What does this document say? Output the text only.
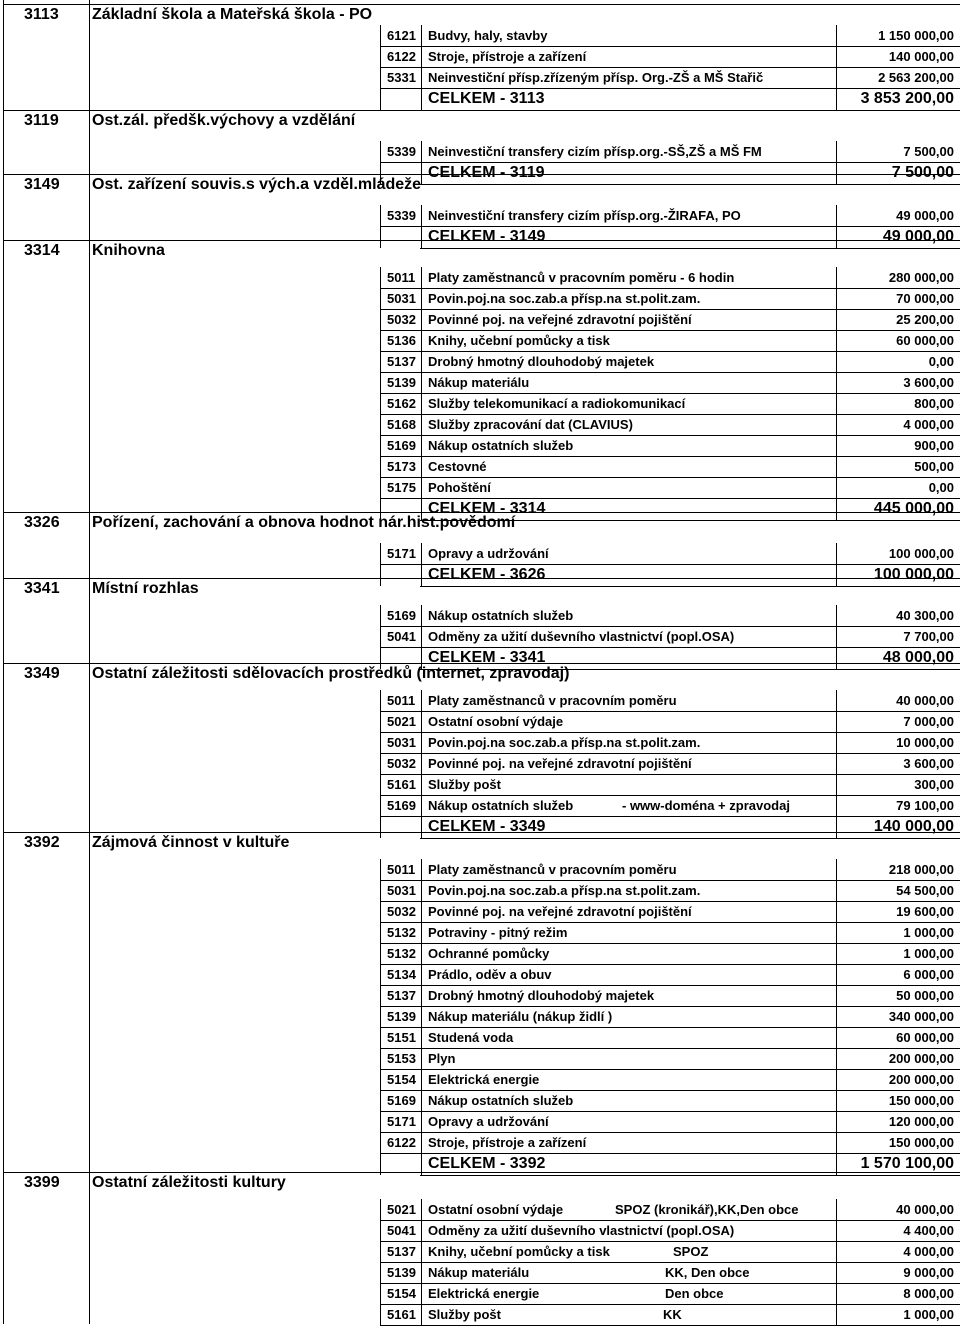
3113 Základní škola a Mateřská škola - PO
6121 Budvy, haly, stavby	1 150 000,00
6122 Stroje, přístroje a zařízení	140 000,00
5331 Neinvestiční přísp.zřízeným přísp. Org.-ZŠ a MŠ Stařič	2 563 200,00
CELKEM - 3113	3 853 200,00
3119 Ost.zál. předšk.výchovy a vzdělání
5339 Neinvestiční transfery cizím přísp.org.-SŠ,ZŠ a MŠ FM	7 500,00
CELKEM - 3119	7 500,00
3149 Ost. zařízení souvis.s vých.a vzděl.mládeže
5339 Neinvestiční transfery cizím přísp.org.-ŽIRAFA, PO	49 000,00
CELKEM - 3149	49 000,00
3314 Knihovna
5011 Platy zaměstnanců v pracovním poměru - 6 hodin	280 000,00
5031 Povin.poj.na soc.zab.a přísp.na st.polit.zam.	70 000,00
5032 Povinné poj. na veřejné zdravotní pojištění	25 200,00
5136 Knihy, učební pomůcky a tisk	60 000,00
5137 Drobný hmotný dlouhodobý majetek	0,00
5139 Nákup materiálu	3 600,00
5162 Služby telekomunikací a radiokomunikací	800,00
5168 Služby zpracování dat (CLAVIUS)	4 000,00
5169 Nákup ostatních služeb	900,00
5173 Cestovné	500,00
5175 Pohoštění	0,00
CELKEM - 3314	445 000,00
3326 Pořízení, zachování a obnova hodnot nár.hist.povědomí
5171 Opravy a udržování	100 000,00
CELKEM - 3626	100 000,00
3341 Místní rozhlas
5169 Nákup ostatních služeb	40 300,00
5041 Odměny za užití duševního vlastnictví (popl.OSA)	7 700,00
CELKEM - 3341	48 000,00
3349 Ostatní záležitosti sdělovacích prostředků (internet, zpravodaj)
5011 Platy zaměstnanců v pracovním poměru	40 000,00
5021 Ostatní osobní výdaje	7 000,00
5031 Povin.poj.na soc.zab.a přísp.na st.polit.zam.	10 000,00
5032 Povinné poj. na veřejné zdravotní pojištění	3 600,00
5161 Služby pošt	300,00
5169 Nákup ostatních služeb	- www-doména + zpravodaj	79 100,00
CELKEM - 3349	140 000,00
3392 Zájmová činnost v kultuře
5011 Platy zaměstnanců v pracovním poměru	218 000,00
5031 Povin.poj.na soc.zab.a přísp.na st.polit.zam.	54 500,00
5032 Povinné poj. na veřejné zdravotní pojištění	19 600,00
5132 Potraviny - pitný režim	1 000,00
5132 Ochranné pomůcky	1 000,00
5134 Prádlo, oděv a obuv	6 000,00
5137 Drobný hmotný dlouhodobý majetek	50 000,00
5139 Nákup materiálu (nákup židlí )	340 000,00
5151 Studená voda	60 000,00
5153 Plyn	200 000,00
5154 Elektrická energie	200 000,00
5169 Nákup ostatních služeb	150 000,00
5171 Opravy a udržování	120 000,00
6122 Stroje, přístroje a zařízení	150 000,00
CELKEM - 3392	1 570 100,00
3399 Ostatní záležitosti kultury
5021 Ostatní osobní výdaje	SPOZ (kronikář),KK,Den obce	40 000,00
5041 Odměny za užití duševního vlastnictví (popl.OSA)	4 400,00
5137 Knihy, učební pomůcky a tisk	SPOZ	4 000,00
5139 Nákup materiálu	KK, Den obce	9 000,00
5154 Elektrická energie	Den obce	8 000,00
5161 Služby pošt	KK	1 000,00
